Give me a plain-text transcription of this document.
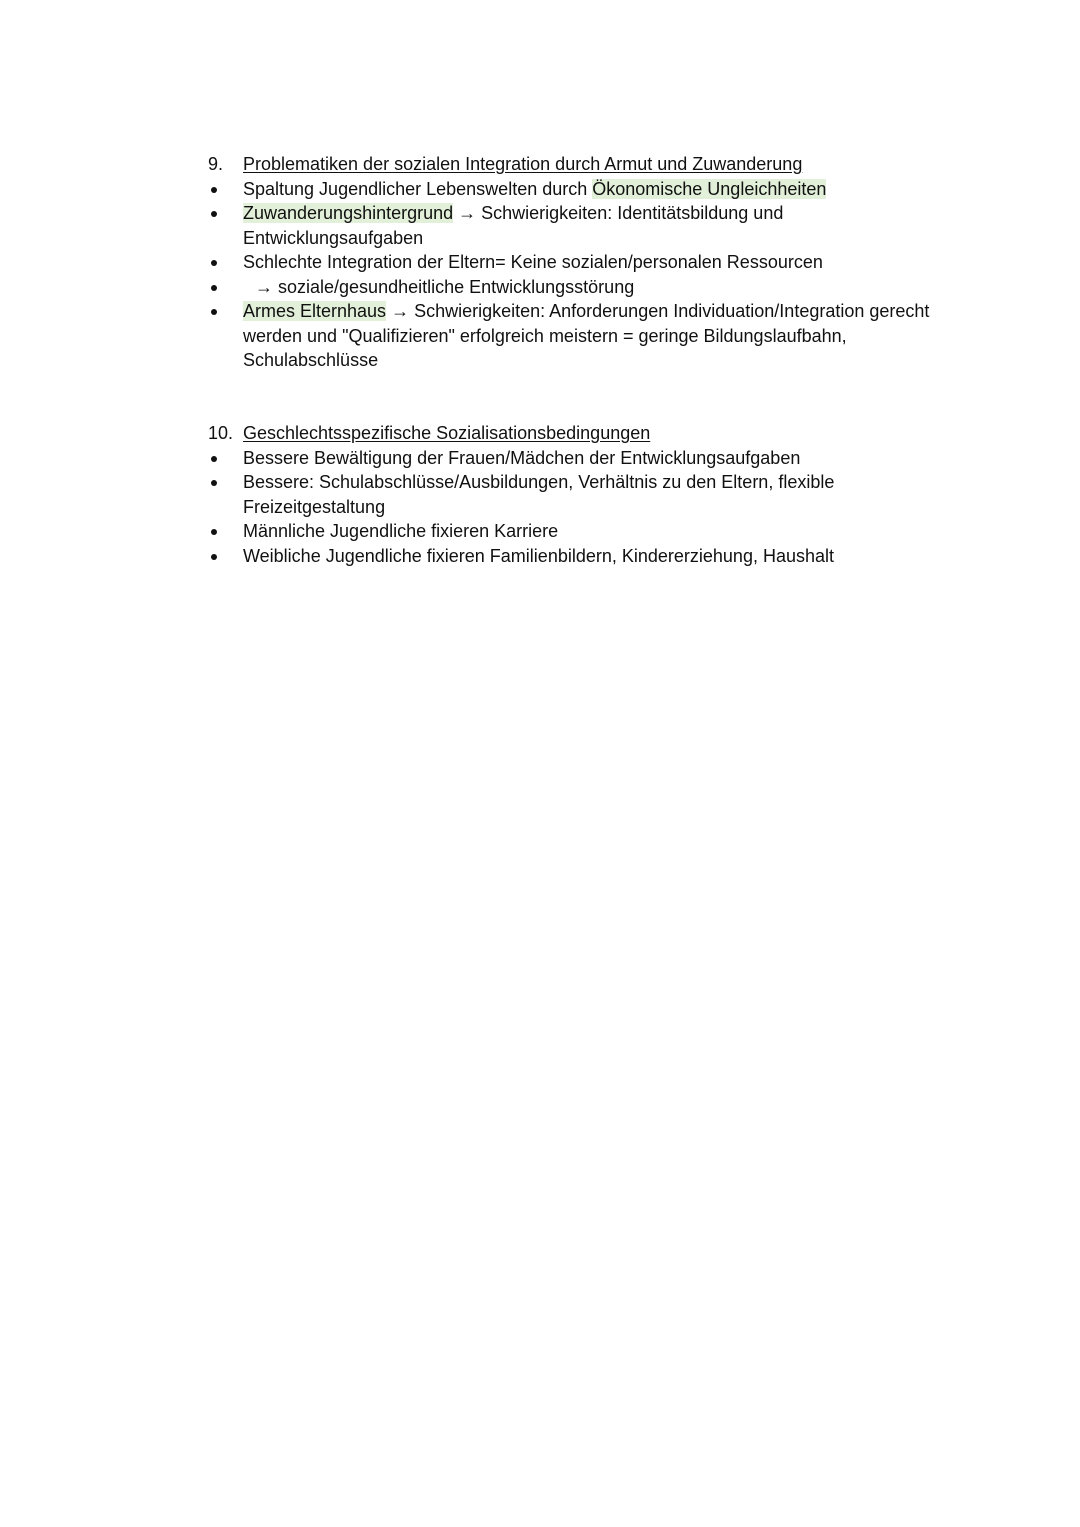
9. Problematiken der sozialen Integration durch Armut und Zuwanderung
Spaltung Jugendlicher Lebenswelten durch Ökonomische Ungleichheiten
Zuwanderungshintergrund → Schwierigkeiten: Identitätsbildung und Entwicklungsaufgaben
Schlechte Integration der Eltern= Keine sozialen/personalen Ressourcen
→ soziale/gesundheitliche Entwicklungsstörung
Armes Elternhaus → Schwierigkeiten: Anforderungen Individuation/Integration gerecht werden und "Qualifizieren" erfolgreich meistern = geringe Bildungslaufbahn, Schulabschlüsse
10. Geschlechtsspezifische Sozialisationsbedingungen
Bessere Bewältigung der Frauen/Mädchen der Entwicklungsaufgaben
Bessere: Schulabschlüsse/Ausbildungen, Verhältnis zu den Eltern, flexible Freizeitgestaltung
Männliche Jugendliche fixieren Karriere
Weibliche Jugendliche fixieren Familienbildern, Kindererziehung, Haushalt
